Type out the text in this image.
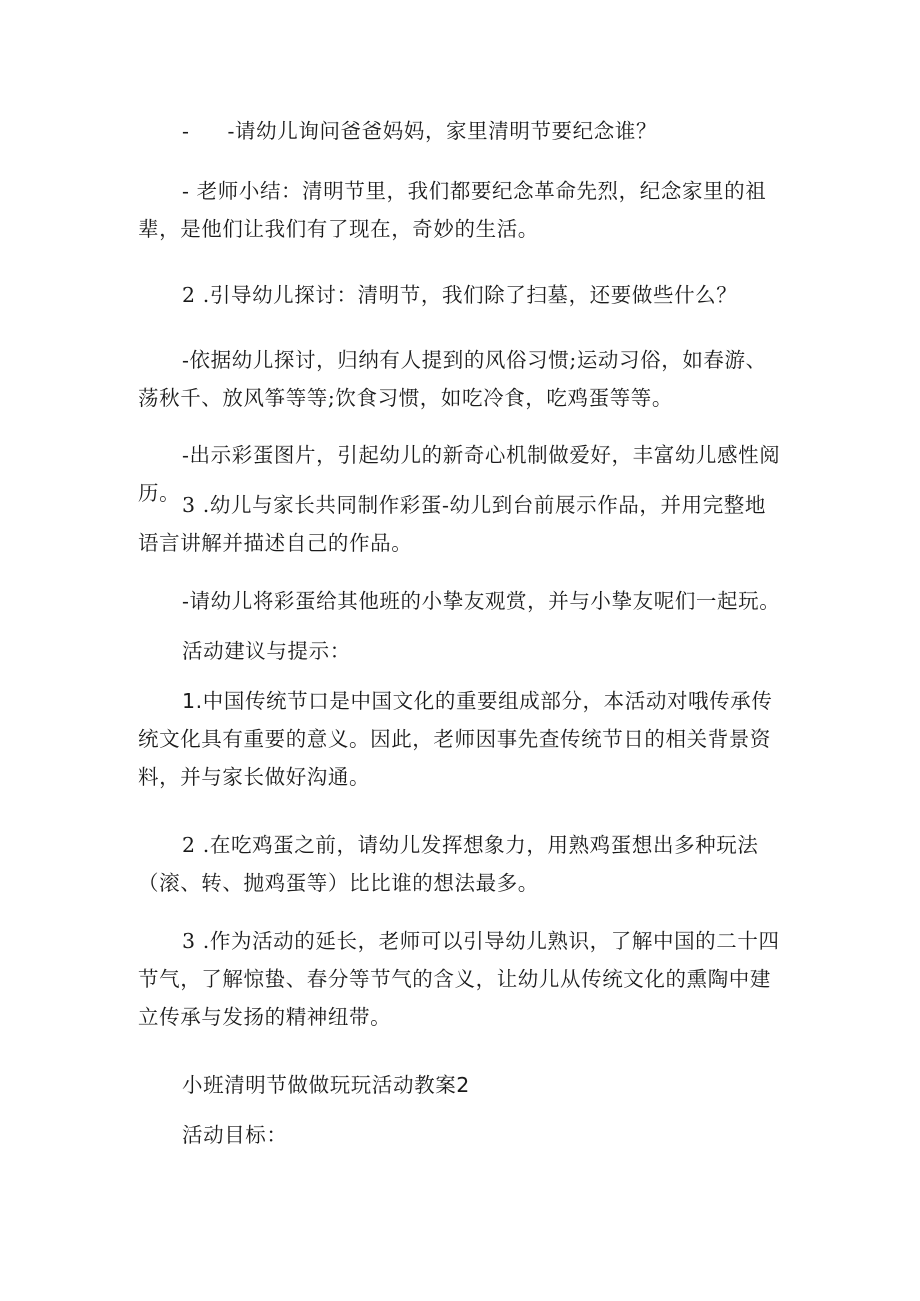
- -请幼儿询问爸爸妈妈，家里清明节要纪念谁？

- 老师小结：清明节里，我们都要纪念革命先烈，纪念家里的祖辈，是他们让我们有了现在，奇妙的生活。

2 .引导幼儿探讨：清明节，我们除了扫墓，还要做些什么？

-依据幼儿探讨，归纳有人提到的风俗习惯;运动习俗，如春游、荡秋千、放风筝等等;饮食习惯，如吃冷食，吃鸡蛋等等。

-出示彩蛋图片，引起幼儿的新奇心机制做爱好，丰富幼儿感性阅历。 3 .幼儿与家长共同制作彩蛋-幼儿到台前展示作品，并用完整地语言讲解并描述自己的作品。

-请幼儿将彩蛋给其他班的小挚友观赏，并与小挚友呢们一起玩。

活动建议与提示：

1.中国传统节口是中国文化的重要组成部分，本活动对哦传承传统文化具有重要的意义。因此，老师因事先查传统节日的相关背景资料，并与家长做好沟通。

2 .在吃鸡蛋之前，请幼儿发挥想象力，用熟鸡蛋想出多种玩法（滚、转、抛鸡蛋等）比比谁的想法最多。

3 .作为活动的延长，老师可以引导幼儿熟识，了解中国的二十四节气，了解惊蛰、春分等节气的含义，让幼儿从传统文化的熏陶中建立传承与发扬的精神纽带。

小班清明节做做玩玩活动教案2

活动目标：
